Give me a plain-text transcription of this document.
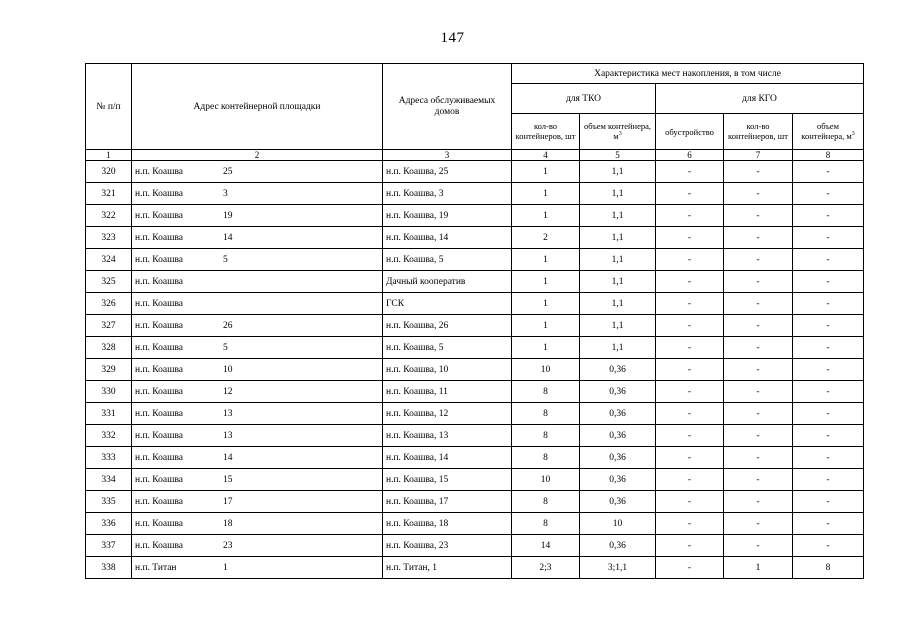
147
№ п/п	Адрес контейнерной площадки	Адреса обслуживаемых домов	Характеристика мест накопления, в том числе				
			для ТКО		для КГО		

			кол-во контейнеров, шт	объем контейнера, $м^3$	обустройство	кол-во контейнеров, шт	объем контейнера, $м^3$

1	2	3	4	5	6	7	8
320	н.п. Коашва 25	н.п. Коашва, 25	1	1,1	-	-	-
321	н.п. Коашва 3	н.п. Коашва, 3	1	1,1	-	-	-
322	н.п. Коашва 19	н.п. Коашва, 19	1	1,1	-	-	-
323	н.п. Коашва 14	н.п. Коашва, 14	2	1,1	-	-	-
324	н.п. Коашва 5	н.п. Коашва, 5	1	1,1	-	-	-
325	н.п. Коашва	Дачный кооператив	1	1,1	-	-	-
326	н.п. Коашва	ГСК	1	1,1	-	-	-
327	н.п. Коашва 26	н.п. Коашва, 26	1	1,1	-	-	-
328	н.п. Коашва 5	н.п. Коашва, 5	1	1,1	-	-	-
329	н.п. Коашва 10	н.п. Коашва, 10	10	0,36	-	-	-
330	н.п. Коашва 12	н.п. Коашва, 11	8	0,36	-	-	-
331	н.п. Коашва 13	н.п. Коашва, 12	8	0,36	-	-	-
332	н.п. Коашва 13	н.п. Коашва, 13	8	0,36	-	-	-
333	н.п. Коашва 14	н.п. Коашва, 14	8	0,36	-	-	-
334	н.п. Коашва 15	н.п. Коашва, 15	10	0,36	-	-	-
335	н.п. Коашва 17	н.п. Коашва, 17	8	0,36	-	-	-
336	н.п. Коашва 18	н.п. Коашва, 18	8	10	-	-	-
337	н.п. Коашва 23	н.п. Коашва, 23	14	0,36	-	-	-
338	н.п. Титан 1	н.п. Титан, 1	2;3	3;1,1	-	1	8
